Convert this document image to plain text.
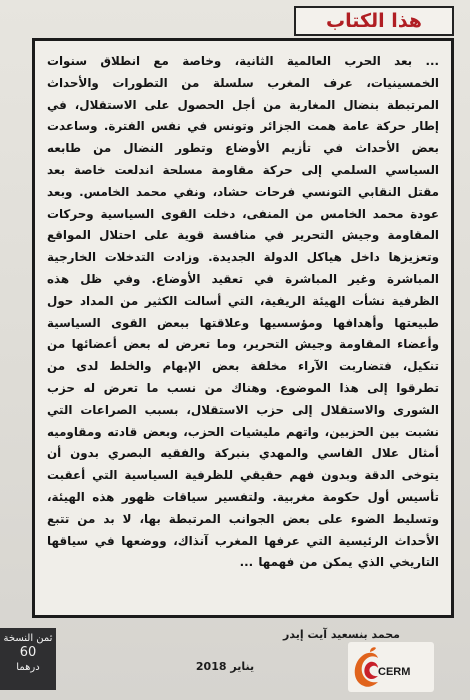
هذا الكتاب

... بعد الحرب العالمية الثانية، وخاصة مع انطلاق سنوات الخمسينيات، عرف المغرب سلسلة من التطورات والأحداث المرتبطة بنضال المغاربة من أجل الحصول على الاستقلال، في إطار حركة عامة همت الجزائر وتونس في نفس الفترة. وساعدت بعض الأحداث في تأزيم الأوضاع وتطور النضال من طابعه السياسي السلمي إلى حركة مقاومة مسلحة اندلعت خاصة بعد مقتل النقابي التونسي فرحات حشاد، ونفي محمد الخامس. وبعد عودة محمد الخامس من المنفى، دخلت القوى السياسية وحركات المقاومة وجيش التحرير في منافسة قوية على احتلال المواقع وتعزيزها داخل هياكل الدولة الجديدة. وزادت التدخلات الخارجية المباشرة وغير المباشرة في تعقيد الأوضاع. وفي ظل هذه الظرفية نشأت الهيئة الريفية، التي أسالت الكثير من المداد حول طبيعتها وأهدافها ومؤسسيها وعلاقتها ببعض القوى السياسية وأعضاء المقاومة وجيش التحرير، وما تعرض له بعض أعضائها من تنكيل، فتضاربت الآراء مخلفة بعض الإبهام والخلط لدى من تطرقوا إلى هذا الموضوع. وهناك من نسب ما تعرض له حزب الشورى والاستقلال إلى حزب الاستقلال، بسبب الصراعات التي نشبت بين الحزبين، واتهم مليشيات الحزب، وبعض قادته ومقاوميه أمثال علال الفاسي والمهدي بنبركة والفقيه البصري بدون أن يتوخى الدقة وبدون فهم حقيقي للظرفية السياسية التي أعقبت تأسيس أول حكومة مغربية. ولتفسير سياقات ظهور هذه الهيئة، وتسليط الضوء على بعض الجوانب المرتبطة بها، لا بد من تتبع الأحداث الرئيسية التي عرفها المغرب آنذاك، ووضعها في سياقها التاريخي الذي يمكن من فهمها ...

محمد بنسعيد آيت إيدر
ثمن النسخة
60
درهما	يناير 2018	CERM
